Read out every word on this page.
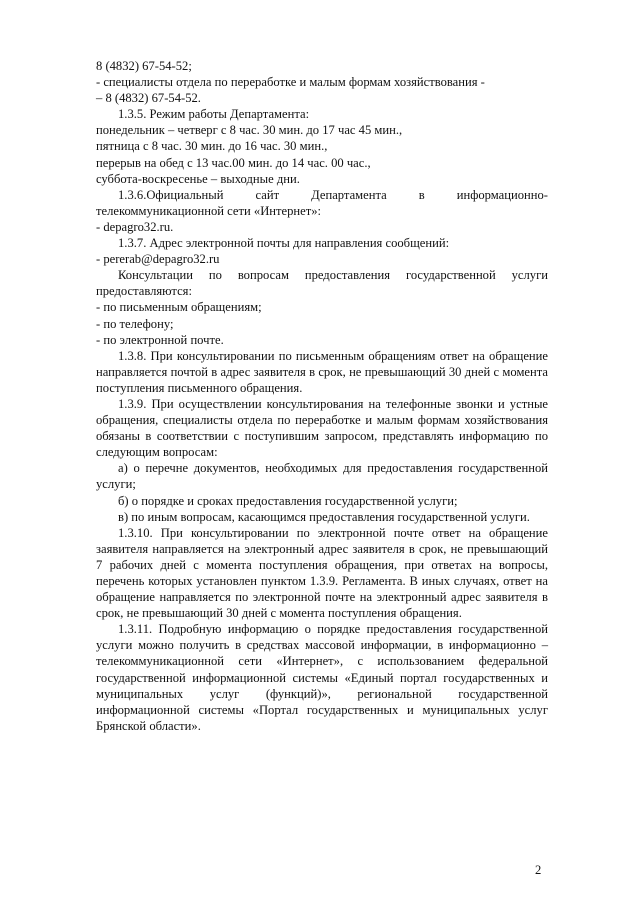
8 (4832) 67-54-52;

- специалисты отдела по переработке и малым формам хозяйствования -

– 8 (4832) 67-54-52.

1.3.5. Режим работы Департамента:

понедельник – четверг с 8 час. 30 мин. до 17 час 45 мин.,

пятница с 8 час. 30 мин. до 16 час. 30 мин.,

перерыв на обед с 13 час.00 мин. до 14 час. 00 час.,

суббота-воскресенье – выходные дни.

1.3.6.Официальный сайт Департамента в информационно-телекоммуникационной сети «Интернет»:

- depagro32.ru.

1.3.7. Адрес электронной почты для направления сообщений:

- pererab@depagro32.ru

Консультации по вопросам предоставления государственной услуги предоставляются:

- по письменным обращениям;

- по телефону;

- по электронной почте.

1.3.8. При консультировании по письменным обращениям ответ на обращение направляется почтой в адрес заявителя в срок, не превышающий 30 дней с момента поступления письменного обращения.

1.3.9. При осуществлении консультирования на телефонные звонки и устные обращения, специалисты отдела по переработке и малым формам хозяйствования обязаны в соответствии с поступившим запросом, представлять информацию по следующим вопросам:

а) о перечне документов, необходимых для предоставления государственной услуги;

б) о порядке и сроках предоставления государственной услуги;

в) по иным вопросам, касающимся предоставления государственной услуги.

1.3.10. При консультировании по электронной почте ответ на обращение заявителя направляется на электронный адрес заявителя в срок, не превышающий 7 рабочих дней с момента поступления обращения, при ответах на вопросы, перечень которых установлен пунктом 1.3.9. Регламента. В иных случаях, ответ на обращение направляется по электронной почте на электронный адрес заявителя в срок, не превышающий 30 дней с момента поступления обращения.

1.3.11. Подробную информацию о порядке предоставления государственной услуги можно получить в средствах массовой информации, в информационно – телекоммуникационной сети «Интернет», с использованием федеральной государственной информационной системы «Единый портал государственных и муниципальных услуг (функций)», региональной государственной информационной системы «Портал государственных и муниципальных услуг Брянской области».

2
